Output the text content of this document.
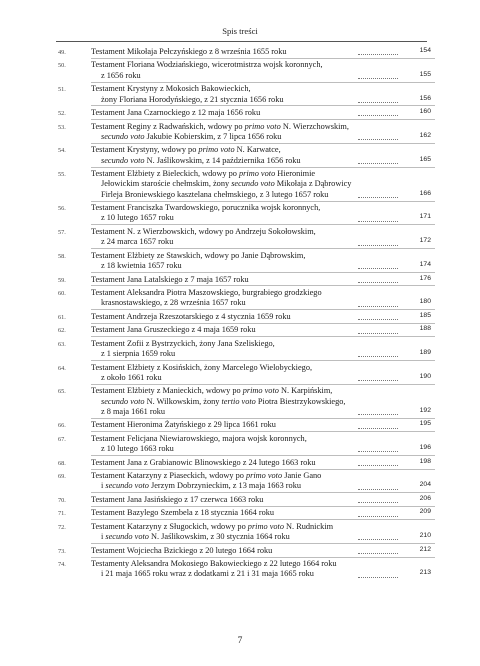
Spis treści
49.	Testament Mikołaja Pełczyńskiego z 8 września 1655 roku	154
50.	Testament Floriana Wodziańskiego, wicerotmistrza wojsk koronnych,
z 1656 roku	155
51.	Testament Krystyny z Mokosich Bakowieckich,
żony Floriana Horodyńskiego, z 21 stycznia 1656 roku	156
52.	Testament Jana Czarnockiego z 12 maja 1656 roku	160
53.	Testament Reginy z Radwańskich, wdowy po primo voto N. Wierzchowskim,
secundo voto Jakubie Kobierskim, z 7 lipca 1656 roku	162
54.	Testament Krystyny, wdowy po primo voto N. Karwatce,
secundo voto N. Jaślikowskim, z 14 października 1656 roku	165
55.	Testament Elżbiety z Bieleckich, wdowy po primo voto Hieronimie
Jełowickim staroście chełmskim, żony secundo voto Mikołaja z Dąbrowicy
Firleja Broniewskiego kasztelana chełmskiego, z 3 lutego 1657 roku	166
56.	Testament Franciszka Twardowskiego, porucznika wojsk koronnych,
z 10 lutego 1657 roku	171
57.	Testament N. z Wierzbowskich, wdowy po Andrzeju Sokołowskim,
z 24 marca 1657 roku	172
58.	Testament Elżbiety ze Stawskich, wdowy po Janie Dąbrowskim,
z 18 kwietnia 1657 roku	174
59.	Testament Jana Latalskiego z 7 maja 1657 roku	176
60.	Testament Aleksandra Piotra Maszowskiego, burgrabiego grodzkiego
krasnostawskiego, z 28 września 1657 roku	180
61.	Testament Andrzeja Rzeszotarskiego z 4 stycznia 1659 roku	185
62.	Testament Jana Gruszeckiego z 4 maja 1659 roku	188
63.	Testament Zofii z Bystrzyckich, żony Jana Szeliskiego,
z 1 sierpnia 1659 roku	189
64.	Testament Elżbiety z Kosińskich, żony Marcelego Wielobyckiego,
z około 1661 roku	190
65.	Testament Elżbiety z Manieckich, wdowy po primo voto N. Karpińskim,
secundo voto N. Wilkowskim, żony tertio voto Piotra Biestrzykowskiego,
z 8 maja 1661 roku	192
66.	Testament Hieronima Żatyńskiego z 29 lipca 1661 roku	195
67.	Testament Felicjana Niewiarowskiego, majora wojsk koronnych,
z 10 lutego 1663 roku	196
68.	Testament Jana z Grabianowic Blinowskiego z 24 lutego 1663 roku	198
69.	Testament Katarzyny z Piaseckich, wdowy po primo voto Janie Gano
i secundo voto Jerzym Dobrzynieckim, z 13 maja 1663 roku	204
70.	Testament Jana Jasińskiego z 17 czerwca 1663 roku	206
71.	Testament Bazylego Szembela z 18 stycznia 1664 roku	209
72.	Testament Katarzyny z Sługockich, wdowy po primo voto N. Rudnickim
i secundo voto N. Jaślikowskim, z 30 stycznia 1664 roku	210
73.	Testament Wojciecha Bzickiego z 20 lutego 1664 roku	212
74.	Testamenty Aleksandra Mokosiego Bakowieckiego z 22 lutego 1664 roku
i 21 maja 1665 roku wraz z dodatkami z 21 i 31 maja 1665 roku	213
7
